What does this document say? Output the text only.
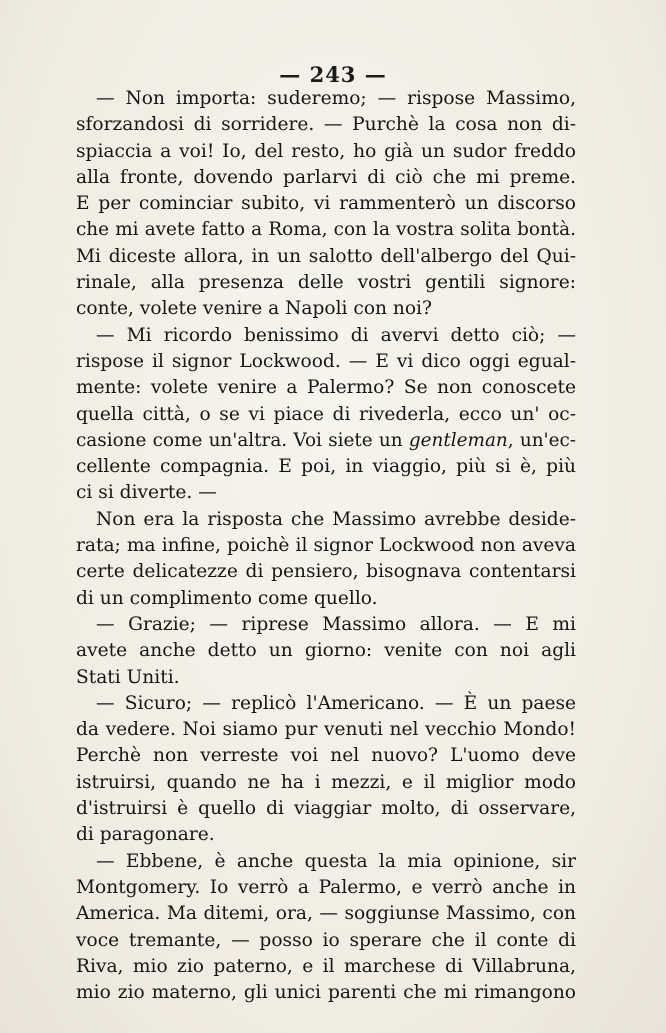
— 243 —
— Non importa: suderemo; — rispose Massimo,
sforzandosi di sorridere. — Purchè la cosa non di-
spiaccia a voi! Io, del resto, ho già un sudor freddo
alla fronte, dovendo parlarvi di ciò che mi preme.
E per cominciar subito, vi rammenterò un discorso
che mi avete fatto a Roma, con la vostra solita bontà.
Mi diceste allora, in un salotto dell'albergo del Qui-
rinale, alla presenza delle vostri gentili signore:
conte, volete venire a Napoli con noi?
— Mi ricordo benissimo di avervi detto ciò; —
rispose il signor Lockwood. — E vi dico oggi egual-
mente: volete venire a Palermo? Se non conoscete
quella città, o se vi piace di rivederla, ecco un' oc-
casione come un'altra. Voi siete un gentleman, un'ec-
cellente compagnia. E poi, in viaggio, più si è, più
ci si diverte. —
Non era la risposta che Massimo avrebbe deside-
rata; ma infine, poichè il signor Lockwood non aveva
certe delicatezze di pensiero, bisognava contentarsi
di un complimento come quello.
— Grazie; — riprese Massimo allora. — E mi
avete anche detto un giorno: venite con noi agli
Stati Uniti.
— Sicuro; — replicò l'Americano. — È un paese
da vedere. Noi siamo pur venuti nel vecchio Mondo!
Perchè non verreste voi nel nuovo? L'uomo deve
istruirsi, quando ne ha i mezzi, e il miglior modo
d'istruirsi è quello di viaggiar molto, di osservare,
di paragonare.
— Ebbene, è anche questa la mia opinione, sir
Montgomery. Io verrò a Palermo, e verrò anche in
America. Ma ditemi, ora, — soggiunse Massimo, con
voce tremante, — posso io sperare che il conte di
Riva, mio zio paterno, e il marchese di Villabruna,
mio zio materno, gli unici parenti che mi rimangono
